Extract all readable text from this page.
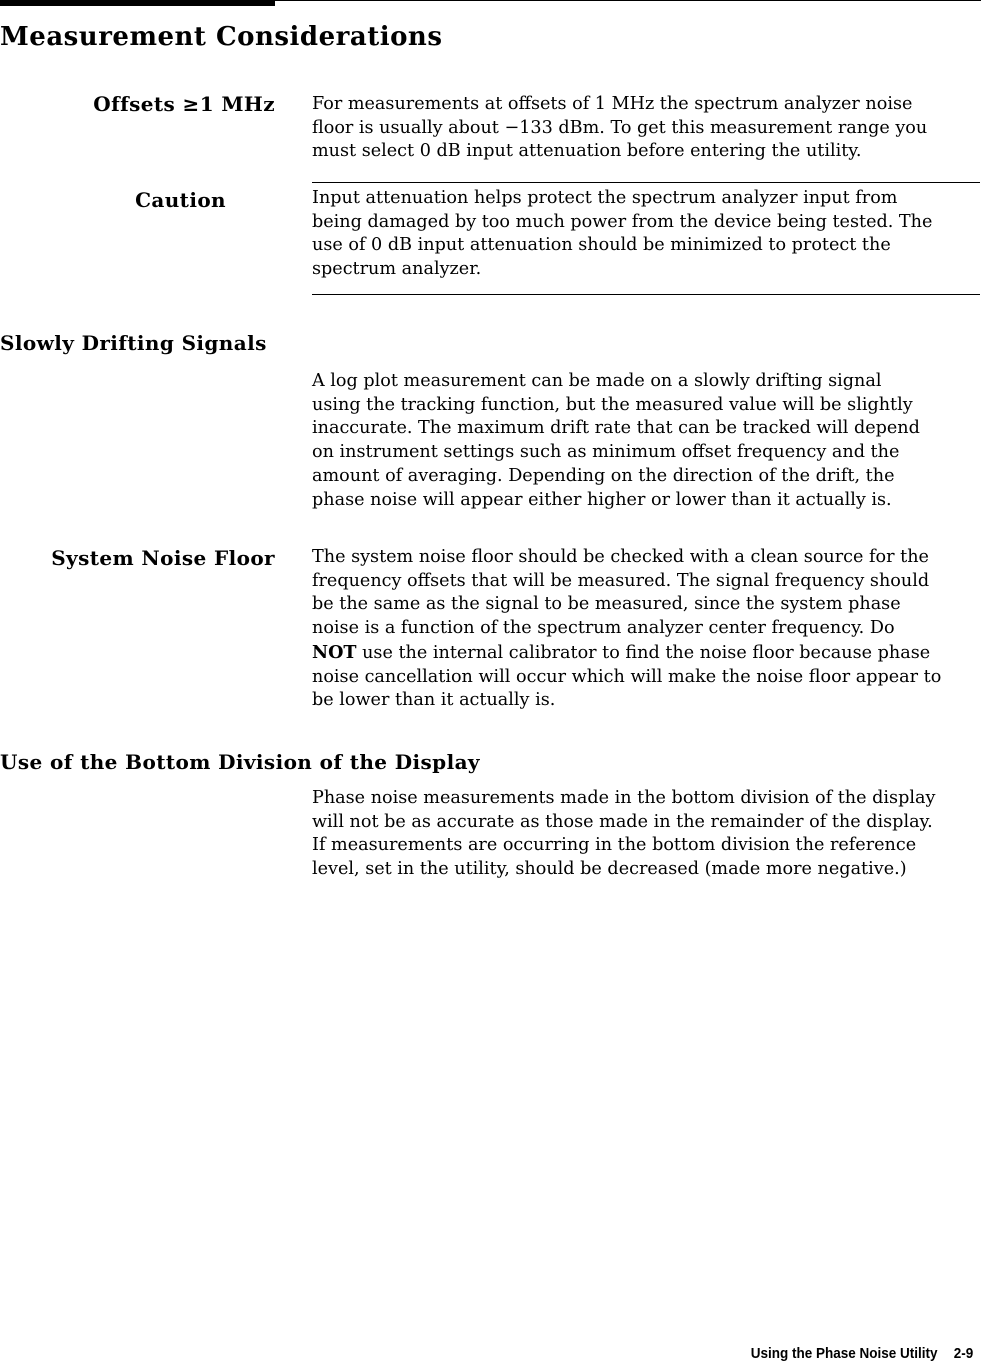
Measurement Considerations
Offsets ≥1 MHz For measurements at offsets of 1 MHz the spectrum analyzer noise
floor is usually about −133 dBm. To get this measurement range you
must select 0 dB input attenuation before entering the utility.

Caution	Input attenuation helps protect the spectrum analyzer input from
being damaged by too much power from the device being tested. The
use of 0 dB input attenuation should be minimized to protect the
spectrum analyzer.

Slowly Drifting Signals

A log plot measurement can be made on a slowly drifting signal
using the tracking function, but the measured value will be slightly
inaccurate. The maximum drift rate that can be tracked will depend
on instrument settings such as minimum offset frequency and the
amount of averaging. Depending on the direction of the drift, the
phase noise will appear either higher or lower than it actually is.

System Noise Floor The system noise floor should be checked with a clean source for the
frequency offsets that will be measured. The signal frequency should
be the same as the signal to be measured, since the system phase
noise is a function of the spectrum analyzer center frequency. Do
NOT use the internal calibrator to find the noise floor because phase
noise cancellation will occur which will make the noise floor appear to
be lower than it actually is.

Use of the Bottom Division of the Display

Phase noise measurements made in the bottom division of the display
will not be as accurate as those made in the remainder of the display.
If measurements are occurring in the bottom division the reference
level, set in the utility, should be decreased (made more negative.)

Using the Phase Noise Utility 2-9
